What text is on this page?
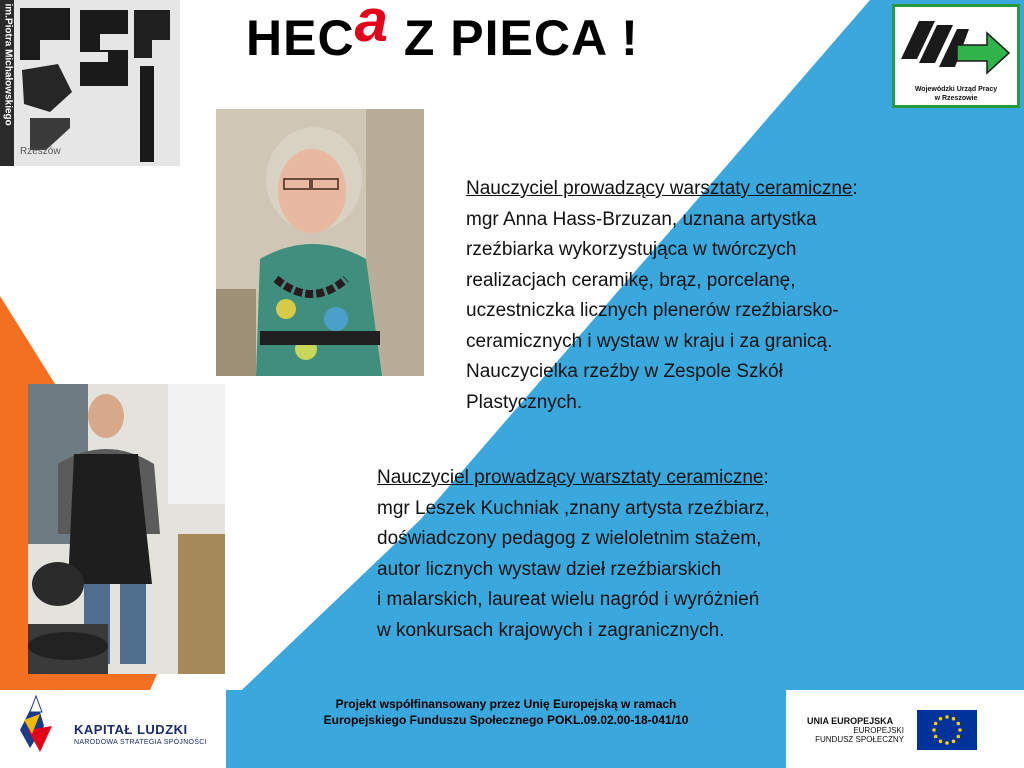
im.Piotra Michałowskiego
Rzeszów
HECa Z PIECA !
Wojewódzki Urząd Pracy
w Rzeszowie
Nauczyciel prowadzący warsztaty ceramiczne:
mgr Anna Hass-Brzuzan, uznana artystka
rzeźbiarka wykorzystująca w twórczych
realizacjach ceramikę, brąz, porcelanę,
uczestniczka licznych plenerów rzeźbiarsko-
ceramicznych i wystaw w kraju i za granicą.
Nauczycielka rzeźby w Zespole Szkół
Plastycznych.
Nauczyciel prowadzący warsztaty ceramiczne:
mgr Leszek Kuchniak ,znany artysta rzeźbiarz,
doświadczony pedagog z wieloletnim stażem,
autor licznych wystaw dzieł rzeźbiarskich
i malarskich, laureat wielu nagród i wyróżnień
w konkursach krajowych i zagranicznych.
KAPITAŁ LUDZKI
NARODOWA STRATEGIA SPÓJNOŚCI
Projekt współfinansowany przez Unię Europejską w ramach
Europejskiego Funduszu Społecznego POKL.09.02.00-18-041/10	UNIA EUROPEJSKA
EUROPEJSKI
FUNDUSZ SPOŁECZNY
